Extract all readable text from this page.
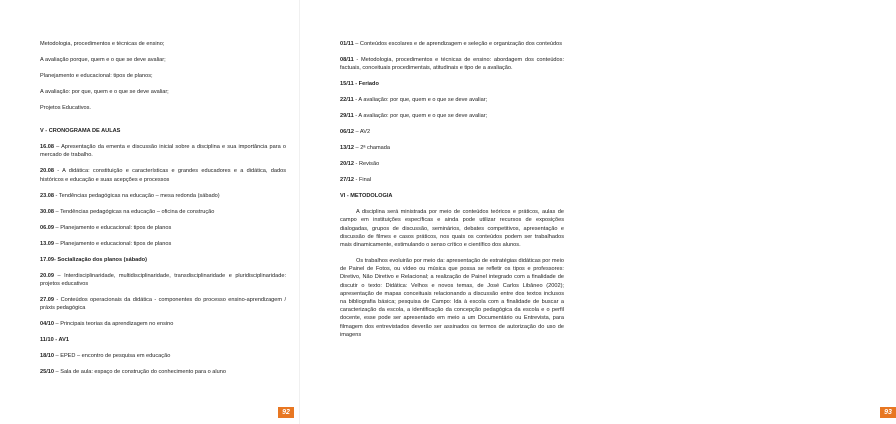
Metodologia, procedimentos e técnicas de ensino;

A avaliação porque, quem e o que se deve avaliar;

Planejamento e educacional: tipos de planos;

A avaliação: por que, quem e o que se deve avaliar;

Projetos Educativos.

V - CRONOGRAMA DE AULAS

16.08 – Apresentação da ementa e discussão inicial sobre a disciplina e sua importância para o mercado de trabalho.

20.08 - A didática: constituição e características e grandes educadores e a didática, dados históricos e educação e suas acepções e processos

23.08 - Tendências pedagógicas na educação – mesa redonda (sábado)

30.08 – Tendências pedagógicas na educação – oficina de construção

06.09 – Planejamento e educacional: tipos de planos

13.09 – Planejamento e educacional: tipos de planos

17.09- Socialização dos planos (sábado)

20.09 – Interdisciplinaridade, multidisciplinaridade, transdisciplinaridade e pluridisciplinaridade: projetos educativos

27.09 - Conteúdos operacionais da didática - componentes do processo ensino-aprendizagem / práxis pedagógica

04/10 – Principais teorias da aprendizagem no ensino

11/10 - AV1

18/10 – EPED – encontro de pesquisa em educação

25/10 – Sala de aula: espaço de construção do conhecimento para o aluno

92

01/11 – Conteúdos escolares e de aprendizagem e seleção e organização dos conteúdos

08/11 - Metodologia, procedimentos e técnicas de ensino: abordagem dos conteúdos: factuais, conceituais procedimentais, atitudinais e tipo de a avaliação.

15/11 - Feriado

22/11 - A avaliação: por que, quem e o que se deve avaliar;

29/11 - A avaliação: por que, quem e o que se deve avaliar;

06/12 – AV2

13/12 – 2ª chamada

20/12 - Revisão

27/12 - Final

VI - METODOLOGIA

A disciplina será ministrada por meio de conteúdos teóricos e práticos, aulas de campo em instituições específicas e ainda pode utilizar recursos de exposições dialogadas, grupos de discussão, seminários, debates competitivos, apresentação e discussão de filmes e casos práticos, nos quais os conteúdos podem ser trabalhados mais dinamicamente, estimulando o senso crítico e científico dos alunos.

Os trabalhos evoluirão por meio da: apresentação de estratégias didáticas por meio de Painel de Fotos, ou vídeo ou música que possa se refletir os tipos e professores: Diretivo, Não Diretivo e Relacional; a realização de Painel integrado com a finalidade de discutir o texto: Didática: Velhos e novos temas, de José Carlos Libâneo (2002); apresentação de mapas conceituais relacionando a discussão entre dos textos inclusos na bibliografia básica; pesquisa de Campo: Ida à escola com a finalidade de buscar a caracterização da escola, a identificação da concepção pedagógica da escola e o perfil docente, esse pode ser apresentado em meio a um Documentário ou Entrevista, para filmagem dos entrevistados deverão ser assinados os termos de autorização do uso de imagens

93
